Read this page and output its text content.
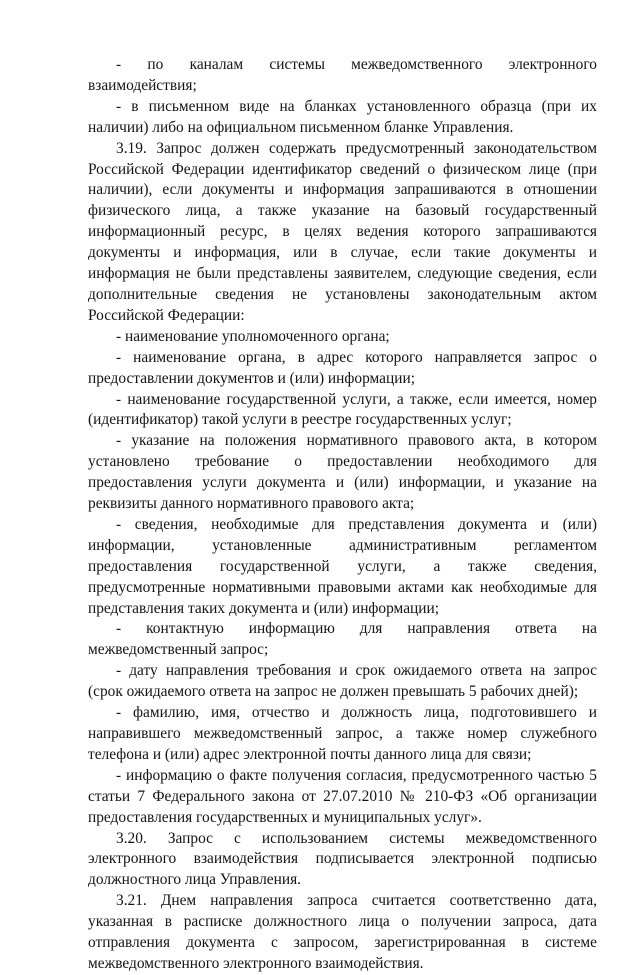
- по каналам системы межведомственного электронного взаимодействия;

- в письменном виде на бланках установленного образца (при их наличии) либо на официальном письменном бланке Управления.

3.19. Запрос должен содержать предусмотренный законодательством Российской Федерации идентификатор сведений о физическом лице (при наличии), если документы и информация запрашиваются в отношении физического лица, а также указание на базовый государственный информационный ресурс, в целях ведения которого запрашиваются документы и информация, или в случае, если такие документы и информация не были представлены заявителем, следующие сведения, если дополнительные сведения не установлены законодательным актом Российской Федерации:

- наименование уполномоченного органа;

- наименование органа, в адрес которого направляется запрос о предоставлении документов и (или) информации;

- наименование государственной услуги, а также, если имеется, номер (идентификатор) такой услуги в реестре государственных услуг;

- указание на положения нормативного правового акта, в котором установлено требование о предоставлении необходимого для предоставления услуги документа и (или) информации, и указание на реквизиты данного нормативного правового акта;

- сведения, необходимые для представления документа и (или) информации, установленные административным регламентом предоставления государственной услуги, а также сведения, предусмотренные нормативными правовыми актами как необходимые для представления таких документа и (или) информации;

- контактную информацию для направления ответа на межведомственный запрос;

- дату направления требования и срок ожидаемого ответа на запрос (срок ожидаемого ответа на запрос не должен превышать 5 рабочих дней);

- фамилию, имя, отчество и должность лица, подготовившего и направившего межведомственный запрос, а также номер служебного телефона и (или) адрес электронной почты данного лица для связи;

- информацию о факте получения согласия, предусмотренного частью 5 статьи 7 Федерального закона от 27.07.2010 № 210-ФЗ «Об организации предоставления государственных и муниципальных услуг».

3.20. Запрос с использованием системы межведомственного электронного взаимодействия подписывается электронной подписью должностного лица Управления.

3.21. Днем направления запроса считается соответственно дата, указанная в расписке должностного лица о получении запроса, дата отправления документа с запросом, зарегистрированная в системе межведомственного электронного взаимодействия.
